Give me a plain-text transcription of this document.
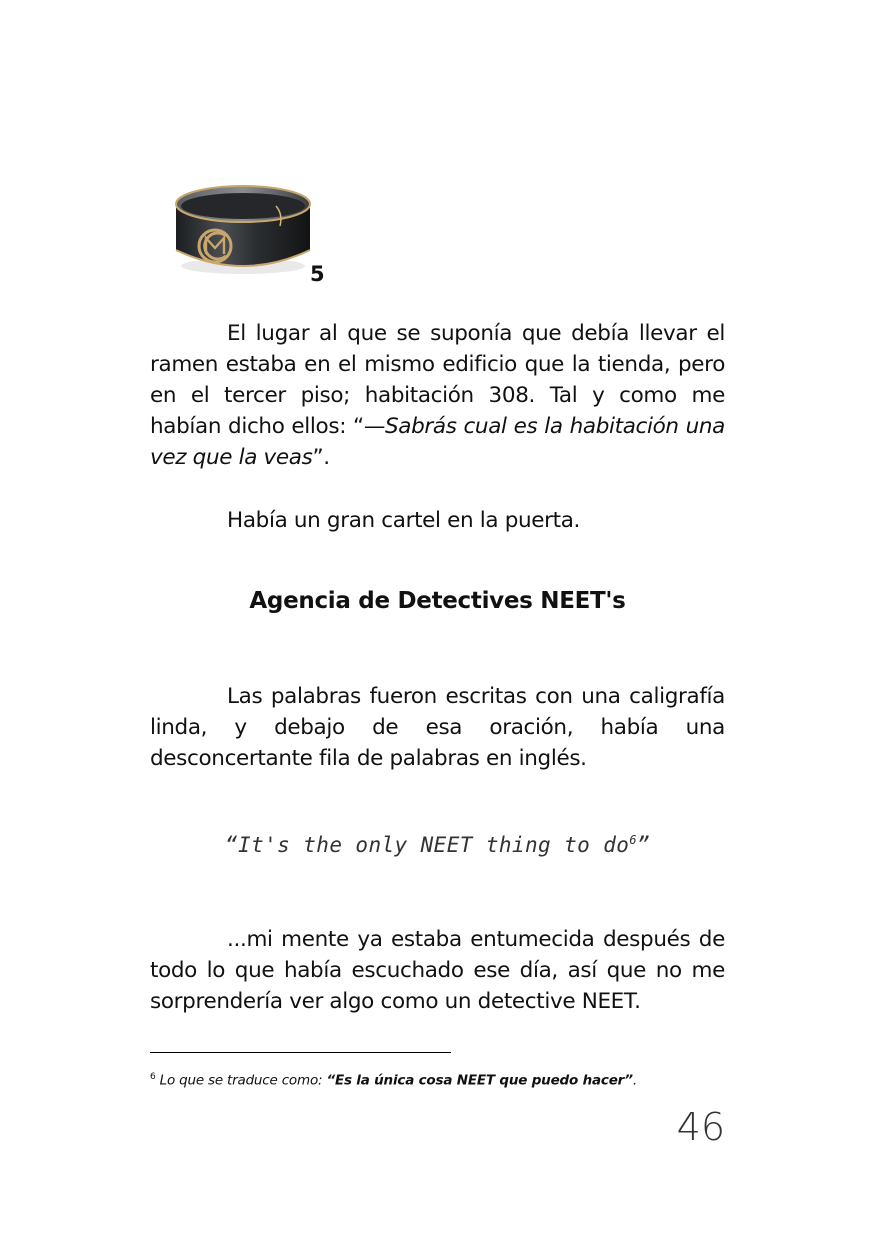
5

El lugar al que se suponía que debía llevar el ramen estaba en el mismo edificio que la tienda, pero en el tercer piso; habitación 308. Tal y como me habían dicho ellos: “—Sabrás cual es la habitación una vez que la veas”.

Había un gran cartel en la puerta.

Agencia de Detectives NEET's

Las palabras fueron escritas con una caligrafía linda, y debajo de esa oración, había una desconcertante fila de palabras en inglés.

“It's the only NEET thing to $do^6$”

...mi mente ya estaba entumecida después de todo lo que había escuchado ese día, así que no me sorprendería ver algo como un detective NEET.

$^6$ Lo que se traduce como: “Es la única cosa NEET que puedo hacer”.
46
